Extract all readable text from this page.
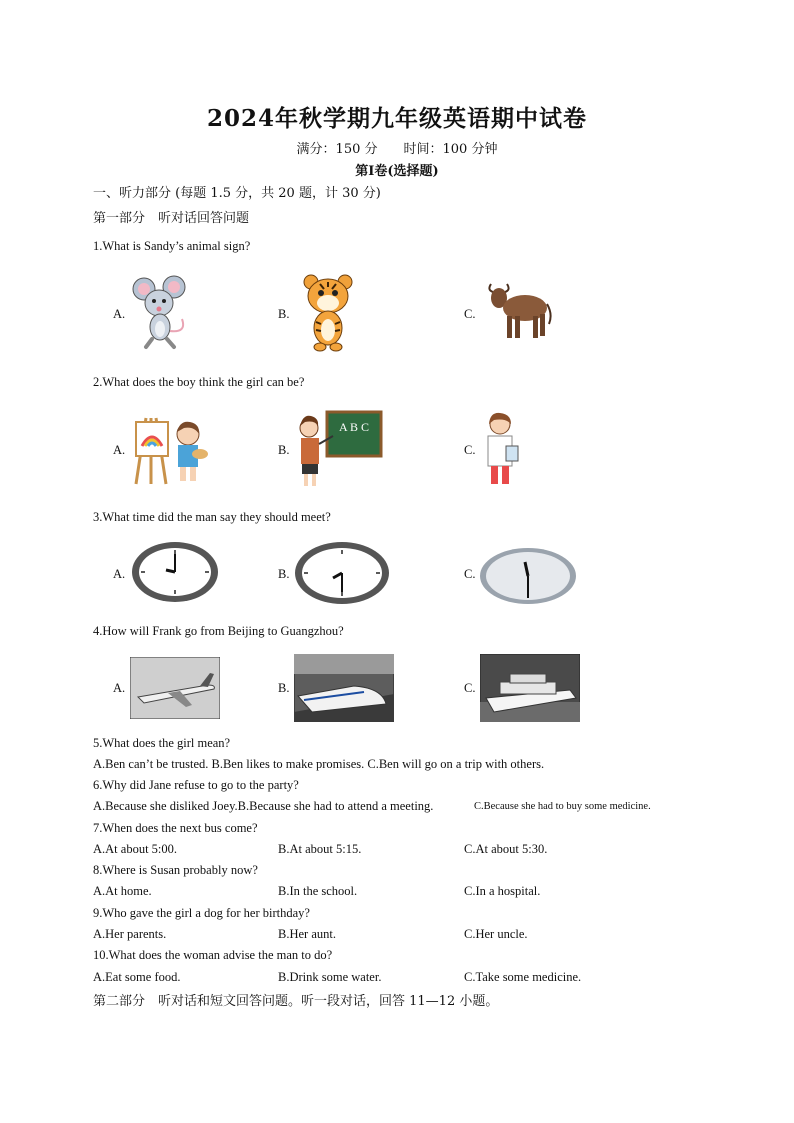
2024年秋学期九年级英语期中试卷
满分：150 分　　时间：100 分钟
第Ⅰ卷(选择题)
一、听力部分 (每题 1.5 分，共 20 题，计 30 分)
第一部分　听对话回答问题
1.What is Sandy’s animal sign?
A.	B.	C.
2.What does the boy think the girl can be?
A.	B.	C.
A B C
3.What time did the man say they should meet?
A.	B.	C.
4.How will Frank go from Beijing to Guangzhou?
A.	B.	C.
5.What does the girl mean?
A.Ben can’t be trusted. B.Ben likes to make promises. C.Ben will go on a trip with others.
6.Why did Jane refuse to go to the party?
A.Because she disliked Joey.B.Because she had to attend a meeting.	C.Because she had to buy some medicine.
7.When does the next bus come?
A.At about 5:00.	B.At about 5:15.	C.At about 5:30.
8.Where is Susan probably now?
A.At home.	B.In the school.	C.In a hospital.
9.Who gave the girl a dog for her birthday?
A.Her parents.	B.Her aunt.	C.Her uncle.
10.What does the woman advise the man to do?
A.Eat some food.	B.Drink some water.	C.Take some medicine.
第二部分　听对话和短文回答问题。听一段对话，回答 11—12 小题。
